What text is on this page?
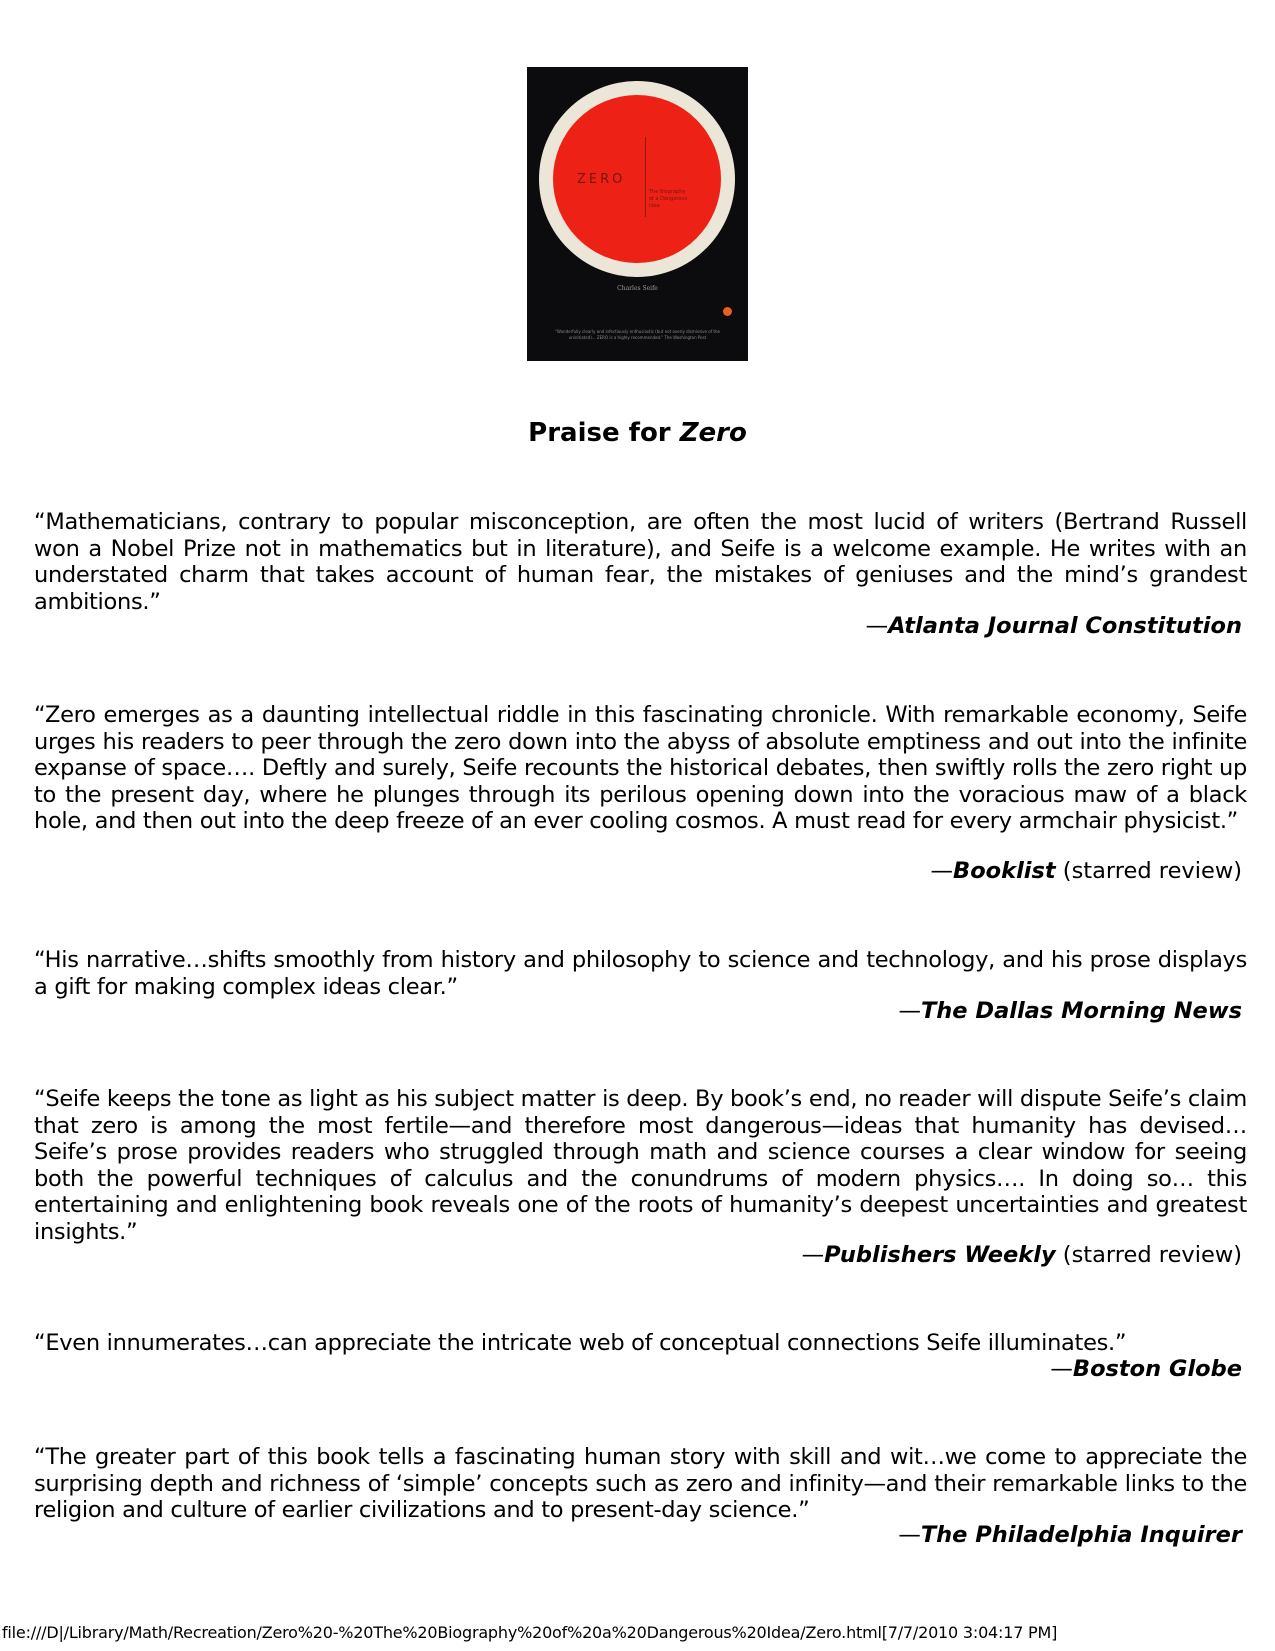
ZERO
The Biography of a Dangerous Idea
Charles Seife
"Wonderfully clearly and infectiously enthusiastic (but not overly dismissive of the uninitiated)... ZERO is a highly recommended." The Washington Post
Praise for Zero

“Mathematicians, contrary to popular misconception, are often the most lucid of writers (Bertrand Russell won a Nobel Prize not in mathematics but in literature), and Seife is a welcome example. He writes with an understated charm that takes account of human fear, the mistakes of geniuses and the mind’s grandest ambitions.”

—Atlanta Journal Constitution

“Zero emerges as a daunting intellectual riddle in this fascinating chronicle. With remarkable economy, Seife urges his readers to peer through the zero down into the abyss of absolute emptiness and out into the infinite expanse of space…. Deftly and surely, Seife recounts the historical debates, then swiftly rolls the zero right up to the present day, where he plunges through its perilous opening down into the voracious maw of a black hole, and then out into the deep freeze of an ever cooling cosmos. A must read for every armchair physicist.”

—Booklist (starred review)

“His narrative…shifts smoothly from history and philosophy to science and technology, and his prose displays a gift for making complex ideas clear.”

—The Dallas Morning News

“Seife keeps the tone as light as his subject matter is deep. By book’s end, no reader will dispute Seife’s claim that zero is among the most fertile—and therefore most dangerous—ideas that humanity has devised…Seife’s prose provides readers who struggled through math and science courses a clear window for seeing both the powerful techniques of calculus and the conundrums of modern physics…. In doing so… this entertaining and enlightening book reveals one of the roots of humanity’s deepest uncertainties and greatest insights.”

—Publishers Weekly (starred review)

“Even innumerates…can appreciate the intricate web of conceptual connections Seife illuminates.”

—Boston Globe

“The greater part of this book tells a fascinating human story with skill and wit…we come to appreciate the surprising depth and richness of ‘simple’ concepts such as zero and infinity—and their remarkable links to the religion and culture of earlier civilizations and to present-day science.”

—The Philadelphia Inquirer
file:///D|/Library/Math/Recreation/Zero%20-%20The%20Biography%20of%20a%20Dangerous%20Idea/Zero.html[7/7/2010 3:04:17 PM]
